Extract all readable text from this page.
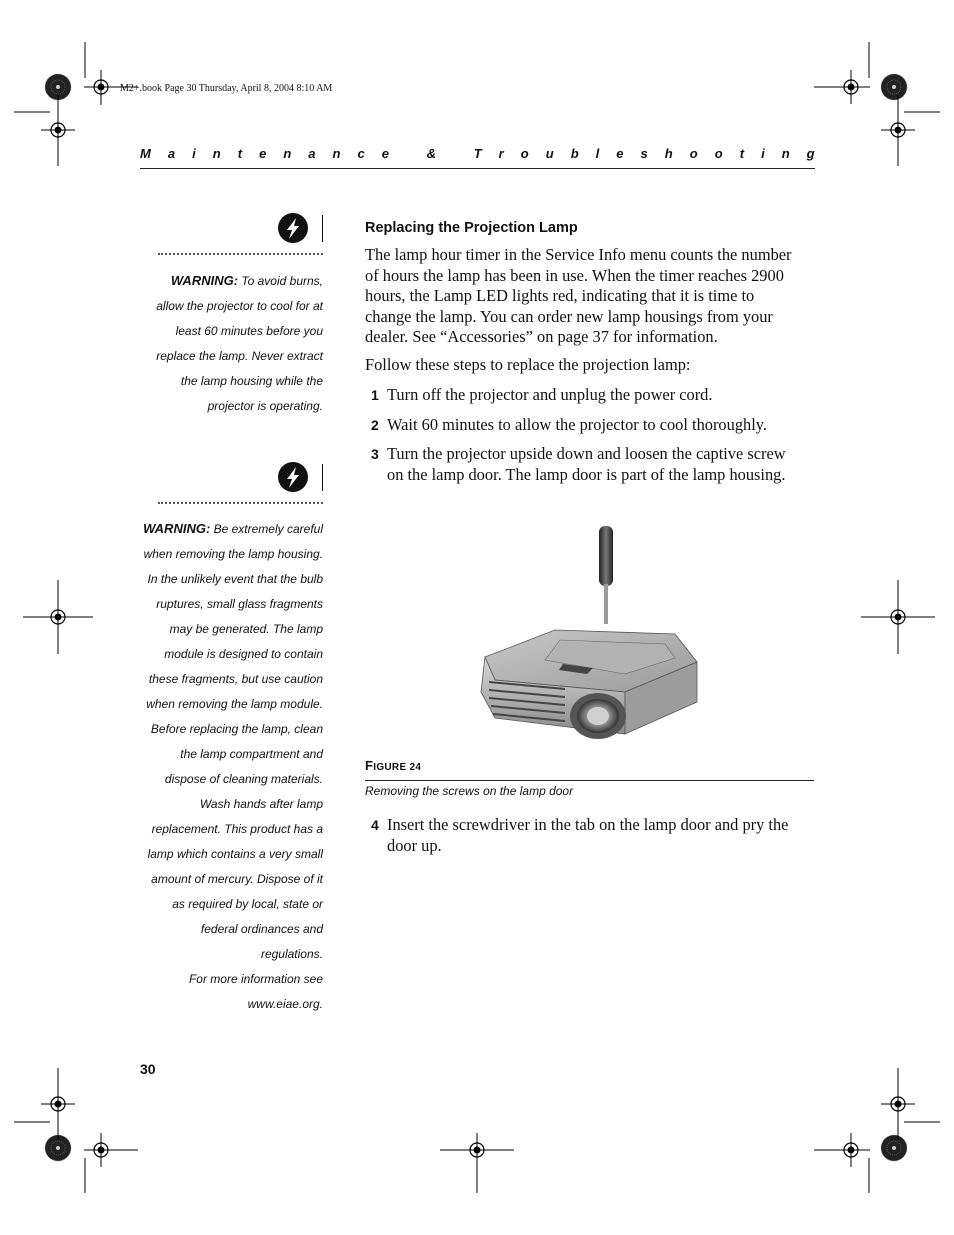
M2+.book Page 30 Thursday, April 8, 2004 8:10 AM
M a i n t e n a n c e
	&
	T r o u b l e s h o o t i n g
WARNING: To avoid burns,
allow the projector to cool for at
least 60 minutes before you
replace the lamp. Never extract
the lamp housing while the
projector is operating.
WARNING: Be extremely careful
when removing the lamp housing.
In the unlikely event that the bulb
ruptures, small glass fragments
may be generated. The lamp
module is designed to contain
these fragments, but use caution
when removing the lamp module.
Before replacing the lamp, clean
the lamp compartment and
dispose of cleaning materials.
Wash hands after lamp
replacement. This product has a
lamp which contains a very small
amount of mercury. Dispose of it
as required by local, state or
federal ordinances and regulations.
For more information see
www.eiae.org.
Replacing the Projection Lamp
The lamp hour timer in the Service Info menu counts the number
of hours the lamp has been in use. When the timer reaches 2900
hours, the Lamp LED lights red, indicating that it is time to
change the lamp. You can order new lamp housings from your
dealer. See “Accessories” on page 37 for information.
Follow these steps to replace the projection lamp:
1 Turn off the projector and unplug the power cord.
2 Wait 60 minutes to allow the projector to cool thoroughly.
3 Turn the projector upside down and loosen the captive screw
on the lamp door. The lamp door is part of the lamp housing.
FIGURE 24
Removing the screws on the lamp door
4 Insert the screwdriver in the tab on the lamp door and pry the
door up.
30
